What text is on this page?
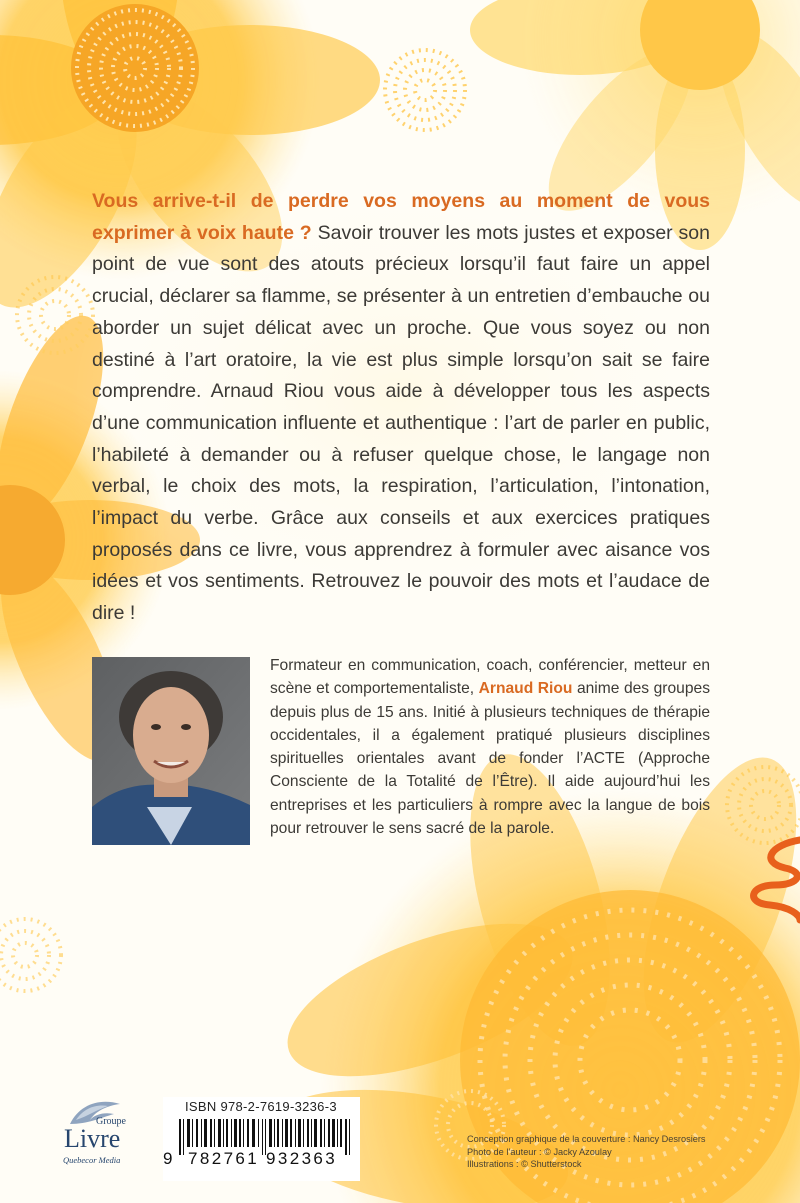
Vous arrive-t-il de perdre vos moyens au moment de vous exprimer à voix haute ? Savoir trouver les mots justes et exposer son point de vue sont des atouts précieux lorsqu’il faut faire un appel crucial, déclarer sa flamme, se présenter à un entretien d’embauche ou aborder un sujet délicat avec un proche. Que vous soyez ou non destiné à l’art oratoire, la vie est plus simple lorsqu’on sait se faire comprendre. Arnaud Riou vous aide à développer tous les aspects d’une communication influente et authentique : l’art de parler en public, l’habileté à demander ou à refuser quelque chose, le langage non verbal, le choix des mots, la respiration, l’articulation, l’intonation, l’impact du verbe. Grâce aux conseils et aux exercices pratiques proposés dans ce livre, vous apprendrez à formuler avec aisance vos idées et vos sentiments. Retrouvez le pouvoir des mots et l’audace de dire !

Formateur en communication, coach, conférencier, metteur en scène et comportementaliste, Arnaud Riou anime des groupes depuis plus de 15 ans. Initié à plusieurs techniques de thérapie occidentales, il a également pratiqué plusieurs disciplines spirituelles orientales avant de fonder l’ACTE (Approche Consciente de la Totalité de l’Être). Il aide aujourd’hui les entreprises et les particuliers à rompre avec la langue de bois pour retrouver le sens sacré de la parole.

Groupe
Livre
Quebecor Media
ISBN 978-2-7619-3236-3
9 782761 932363
Conception graphique de la couverture : Nancy Desrosiers
Photo de l’auteur : © Jacky Azoulay
Illustrations : © Shutterstock
